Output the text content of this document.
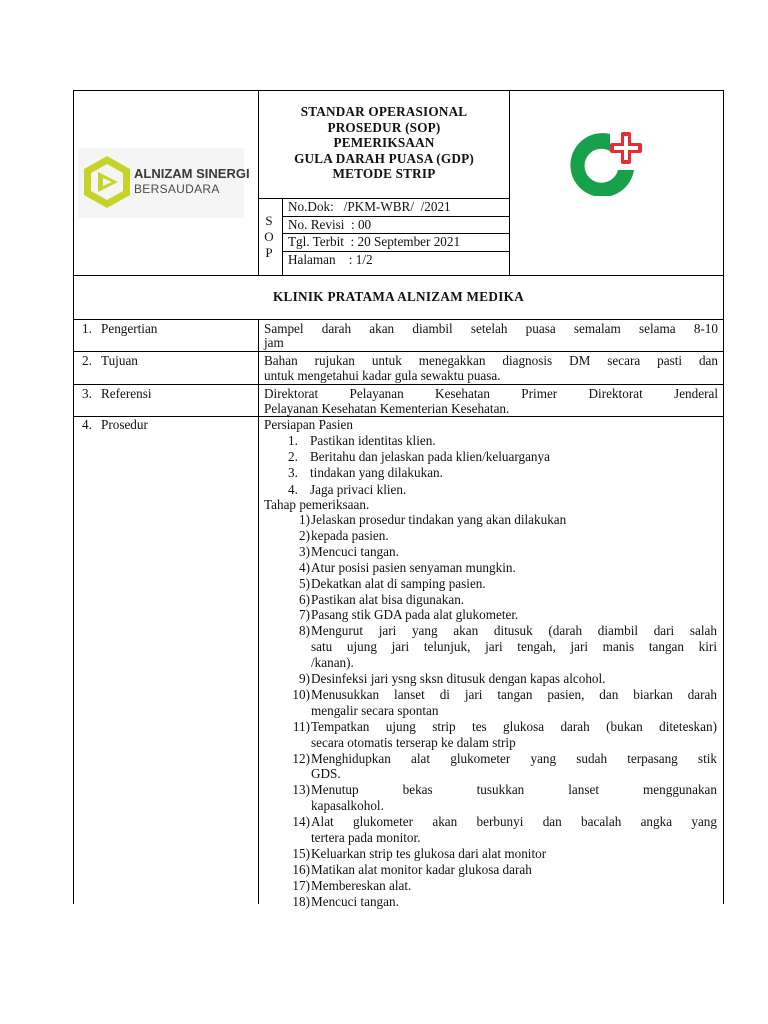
ALNIZAM SINERGI
BERSAUDARA
STANDAR OPERASIONAL
PROSEDUR (SOP)
PEMERIKSAAN
GULA DARAH PUASA (GDP)
METODE STRIP
S
O
P
No.Dok:   /PKM-WBR/  /2021
No. Revisi  : 00
Tgl. Terbit  : 20 September 2021
Halaman    : 1/2
KLINIK PRATAMA ALNIZAM MEDIKA
1. Pengertian	Sampel darah akan diambil setelah puasa semalam selama 8-10
jam
2. Tujuan	Bahan rujukan untuk menegakkan diagnosis DM secara pasti dan
untuk mengetahui kadar gula sewaktu puasa.
3. Referensi	Direktorat Pelayanan Kesehatan Primer Direktorat Jenderal
Pelayanan Kesehatan Kementerian Kesehatan.
4. Prosedur	Persiapan Pasien
1. Pastikan identitas klien.
2. Beritahu dan jelaskan pada klien/keluarganya
3. tindakan yang dilakukan.
4. Jaga privaci klien.
Tahap pemeriksaan.
1) Jelaskan prosedur tindakan yang akan dilakukan
2) kepada pasien.
3) Mencuci tangan.
4) Atur posisi pasien senyaman mungkin.
5) Dekatkan alat di samping pasien.
6) Pastikan alat bisa digunakan.
7) Pasang stik GDA pada alat glukometer.
8) Mengurut jari yang akan ditusuk (darah diambil dari salah
satu ujung jari telunjuk, jari tengah, jari manis tangan kiri
/kanan).
9) Desinfeksi jari ysng sksn ditusuk dengan kapas alcohol.
10) Menusukkan lanset di jari tangan pasien, dan biarkan darah
mengalir secara spontan
11) Tempatkan ujung strip tes glukosa darah (bukan diteteskan)
secara otomatis terserap ke dalam strip
12) Menghidupkan alat glukometer yang sudah terpasang stik
GDS.
13) Menutup    bekas    tusukkan    lanset    menggunakan
kapasalkohol.
14) Alat glukometer akan berbunyi dan bacalah angka yang
tertera pada monitor.
15) Keluarkan strip tes glukosa dari alat monitor
16) Matikan alat monitor kadar glukosa darah
17) Membereskan alat.
18) Mencuci tangan.
